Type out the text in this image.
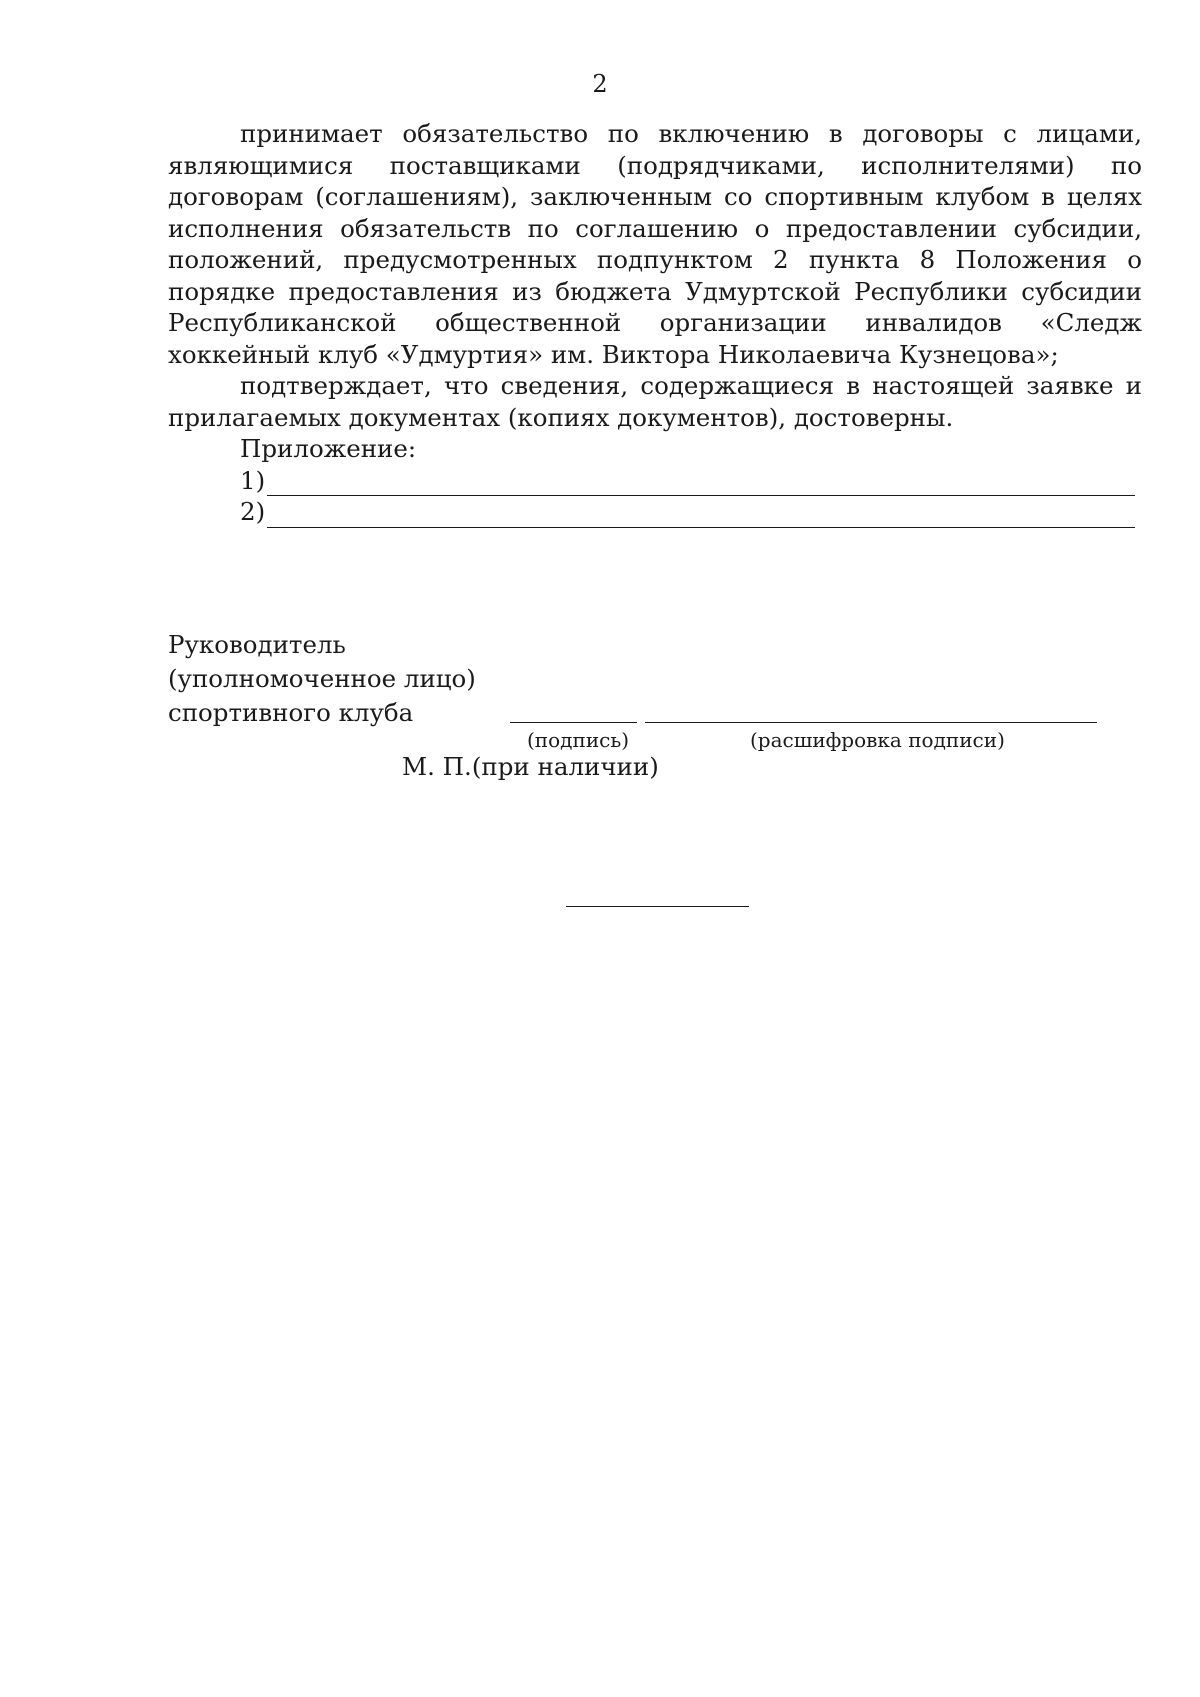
2

принимает обязательство по включению в договоры с лицами, являющимися поставщиками (подрядчиками, исполнителями) по договорам (соглашениям), заключенным со спортивным клубом в целях исполнения обязательств по соглашению о предоставлении субсидии, положений, предусмотренных подпунктом 2 пункта 8 Положения о порядке предоставления из бюджета Удмуртской Республики субсидии Республиканской общественной организации инвалидов «Следж хоккейный клуб «Удмуртия» им. Виктора Николаевича Кузнецова»;

подтверждает, что сведения, содержащиеся в настоящей заявке и прилагаемых документах (копиях документов), достоверны.

Приложение:

1)
2)
Руководитель
(уполномоченное лицо)
спортивного клуба
(подпись)	(расшифровка подписи)
М. П.(при наличии)
